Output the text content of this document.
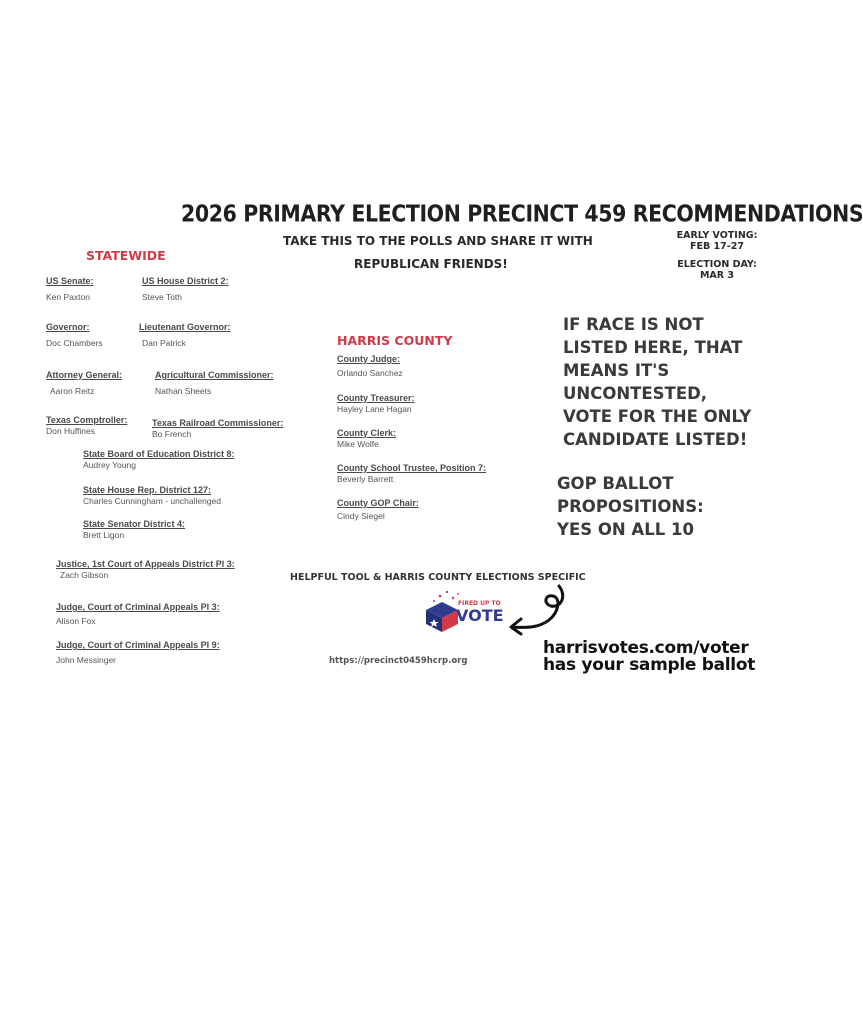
2026 PRIMARY ELECTION PRECINCT 459 RECOMMENDATIONS
TAKE THIS TO THE POLLS AND SHARE IT WITH
REPUBLICAN FRIENDS!
EARLY VOTING:
FEB 17-27
ELECTION DAY:
MAR 3
STATEWIDE
US Senate:
Ken Paxton
US House District 2:
Steve Toth
Governor:
Doc Chambers
Lieutenant Governor:
Dan Patrick
Attorney General:
Aaron Reitz
Agricultural Commissioner:
Nathan Sheets
Texas Comptroller:
Don Huffines
Texas Railroad Commissioner:
Bo French
State Board of Education District 8:
Audrey Young
State House Rep. District 127:
Charles Cunningham - unchallenged
State Senator District 4:
Brett Ligon
Justice, 1st Court of Appeals District Pl 3:
Zach Gibson
Judge, Court of Criminal Appeals Pl 3:
Alison Fox
Judge, Court of Criminal Appeals Pl 9:
John Messinger
HARRIS COUNTY
County Judge:
Orlando Sanchez
County Treasurer:
Hayley Lane Hagan
County Clerk:
Mike Wolfe
County School Trustee, Position 7:
Beverly Barrett
County GOP Chair:
Cindy Siegel
IF RACE IS NOT
LISTED HERE, THAT
MEANS IT'S
UNCONTESTED,
VOTE FOR THE ONLY
CANDIDATE LISTED!
GOP BALLOT
PROPOSITIONS:
YES ON ALL 10
HELPFUL TOOL & HARRIS COUNTY ELECTIONS SPECIFIC
FIRED UP TO
VOTE
https://precinct0459hcrp.org
harrisvotes.com/voter
has your sample ballot
